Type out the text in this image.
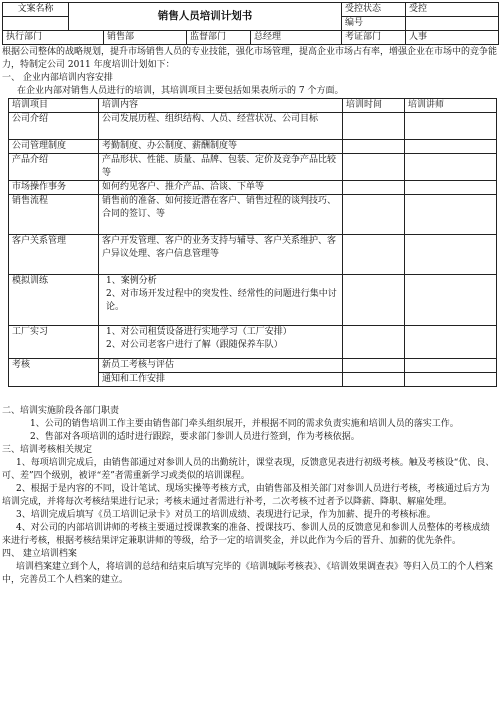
文案名称	销售人员培训计划书				受控状态	受控
					编号	
执行部门		销售部	监督部门	总经理	考证部门	人事

根据公司整体的战略规划，提升市场销售人员的专业技能，强化市场管理，提高企业市场占有率，增强企业在市场中的竞争能力，特制定公司 2011 年度培训计划如下：

一、 企业内部培训内容安排

在企业内部对销售人员进行的培训，其培训项目主要包括如果表所示的 7 个方面。

培训项目	培训内容	培训时间	培训讲师
公司介绍	公司发展历程、组织结构、人员、经营状况、公司目标		
公司管理制度	考勤制度、办公制度、薪酬制度等		
产品介绍	产品形状、性能、质量、品牌、包装、定价及竞争产品比较等		
市场操作事务	如何约见客户、推介产品、洽谈、下单等		
销售流程	销售前的准备、如何接近潜在客户、销售过程的谈判技巧、合同的签订、等		
客户关系管理	客户开发管理、客户的业务支持与辅导、客户关系维护、客户异议处理、客户信息管理等		
模拟训练	1、案例分析
2、对市场开发过程中的突发性、经常性的问题进行集中讨论。		

工厂实习	1、对公司租赁设备进行实地学习（工厂安排）
2、对公司老客户进行了解（跟随保养车队）		

考核	新员工考核与评估		
	通知和工作安排		

二、培训实施阶段各部门职责

1、公司的销售培训工作主要由销售部门牵头组织展开，并根据不同的需求负责实施和培训人员的落实工作。

2、售部对各项培训的适时进行跟踪，要求部门参训人员进行签到，作为考核依据。

三、培训考核相关规定

1、每项培训完成后，由销售部通过对参训人员的出勤统计，课堂表现，反馈意见表进行初级考核。触及考核设“优、良、可、差”四个级别，被评“差”者需重新学习或类似的培训课程。

2、根据于是内容的不同，设计笔试、现场实操等考核方式，由销售部及相关部门对参训人员进行考核，考核通过后方为培训完成，并将每次考核结果进行记录；考核未通过者需进行补考，二次考核不过者予以降薪、降职、解雇处理。

3、培训完成后填写《员工培训记录卡》对员工的培训成绩、表现进行记录，作为加薪、提升的考核标准。

4、对公司的内部培训讲师的考核主要通过授课教案的准备、授课技巧、参训人员的反馈意见和参训人员整体的考核成绩来进行考核，根据考核结果评定兼职讲师的等级，给予一定的培训奖金，并以此作为今后的晋升、加薪的优先条件。

四、 建立培训档案

培训档案建立到个人，将培训的总结和结束后填写完毕的《培训城际考核表》、《培训效果调查表》等归入员工的个人档案中，完善员工个人档案的建立。
